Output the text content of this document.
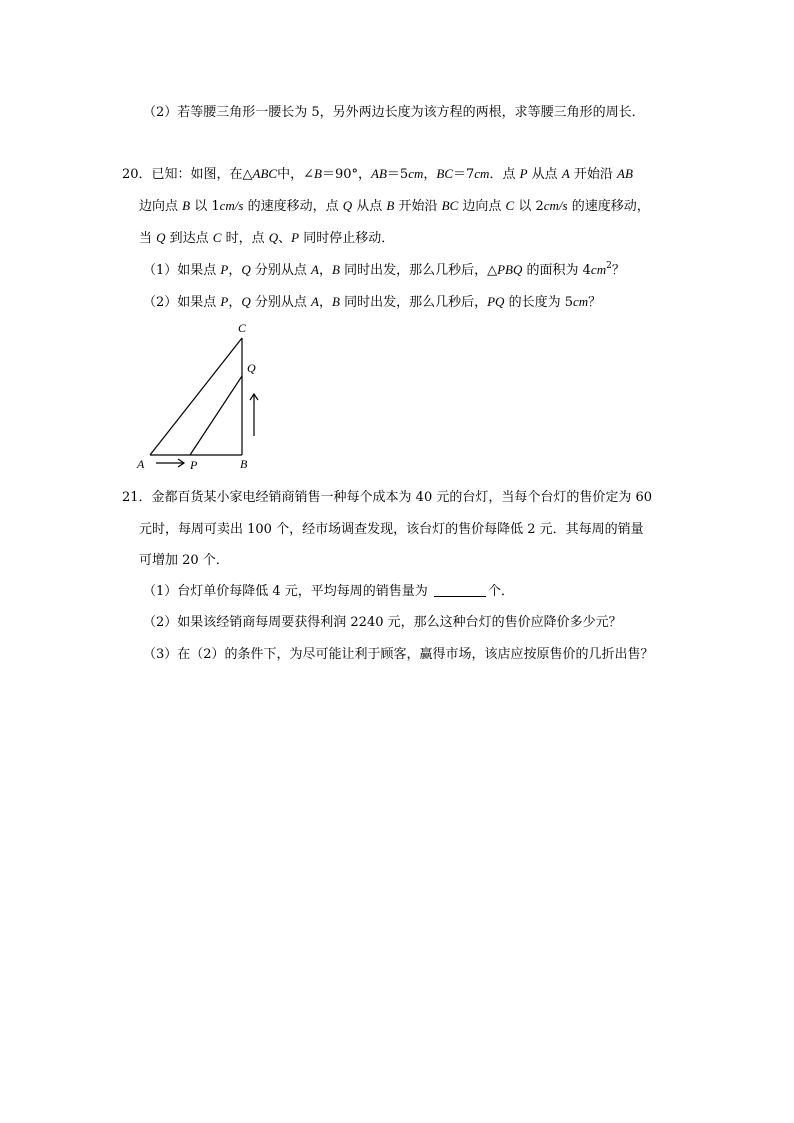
（2）若等腰三角形一腰长为 5，另外两边长度为该方程的两根，求等腰三角形的周长．
20．已知：如图，在△ABC中，∠B＝90°，AB＝5cm，BC＝7cm．点 P 从点 A 开始沿 AB
边向点 B 以 1cm/s 的速度移动，点 Q 从点 B 开始沿 BC 边向点 C 以 2cm/s 的速度移动，
当 Q 到达点 C 时，点 Q、P 同时停止移动．
（1）如果点 P，Q 分别从点 A，B 同时出发，那么几秒后，△PBQ 的面积为 $4cm^2$？
（2）如果点 P，Q 分别从点 A，B 同时出发，那么几秒后，PQ 的长度为 5cm？
C
Q
A	P	B
21．金都百货某小家电经销商销售一种每个成本为 40 元的台灯，当每个台灯的售价定为 60
元时，每周可卖出 100 个，经市场调查发现，该台灯的售价每降低 2 元．其每周的销量
可增加 20 个．
（1）台灯单价每降低 4 元，平均每周的销售量为	个．
（2）如果该经销商每周要获得利润 2240 元，那么这种台灯的售价应降价多少元？
（3）在（2）的条件下，为尽可能让利于顾客，赢得市场，该店应按原售价的几折出售？
